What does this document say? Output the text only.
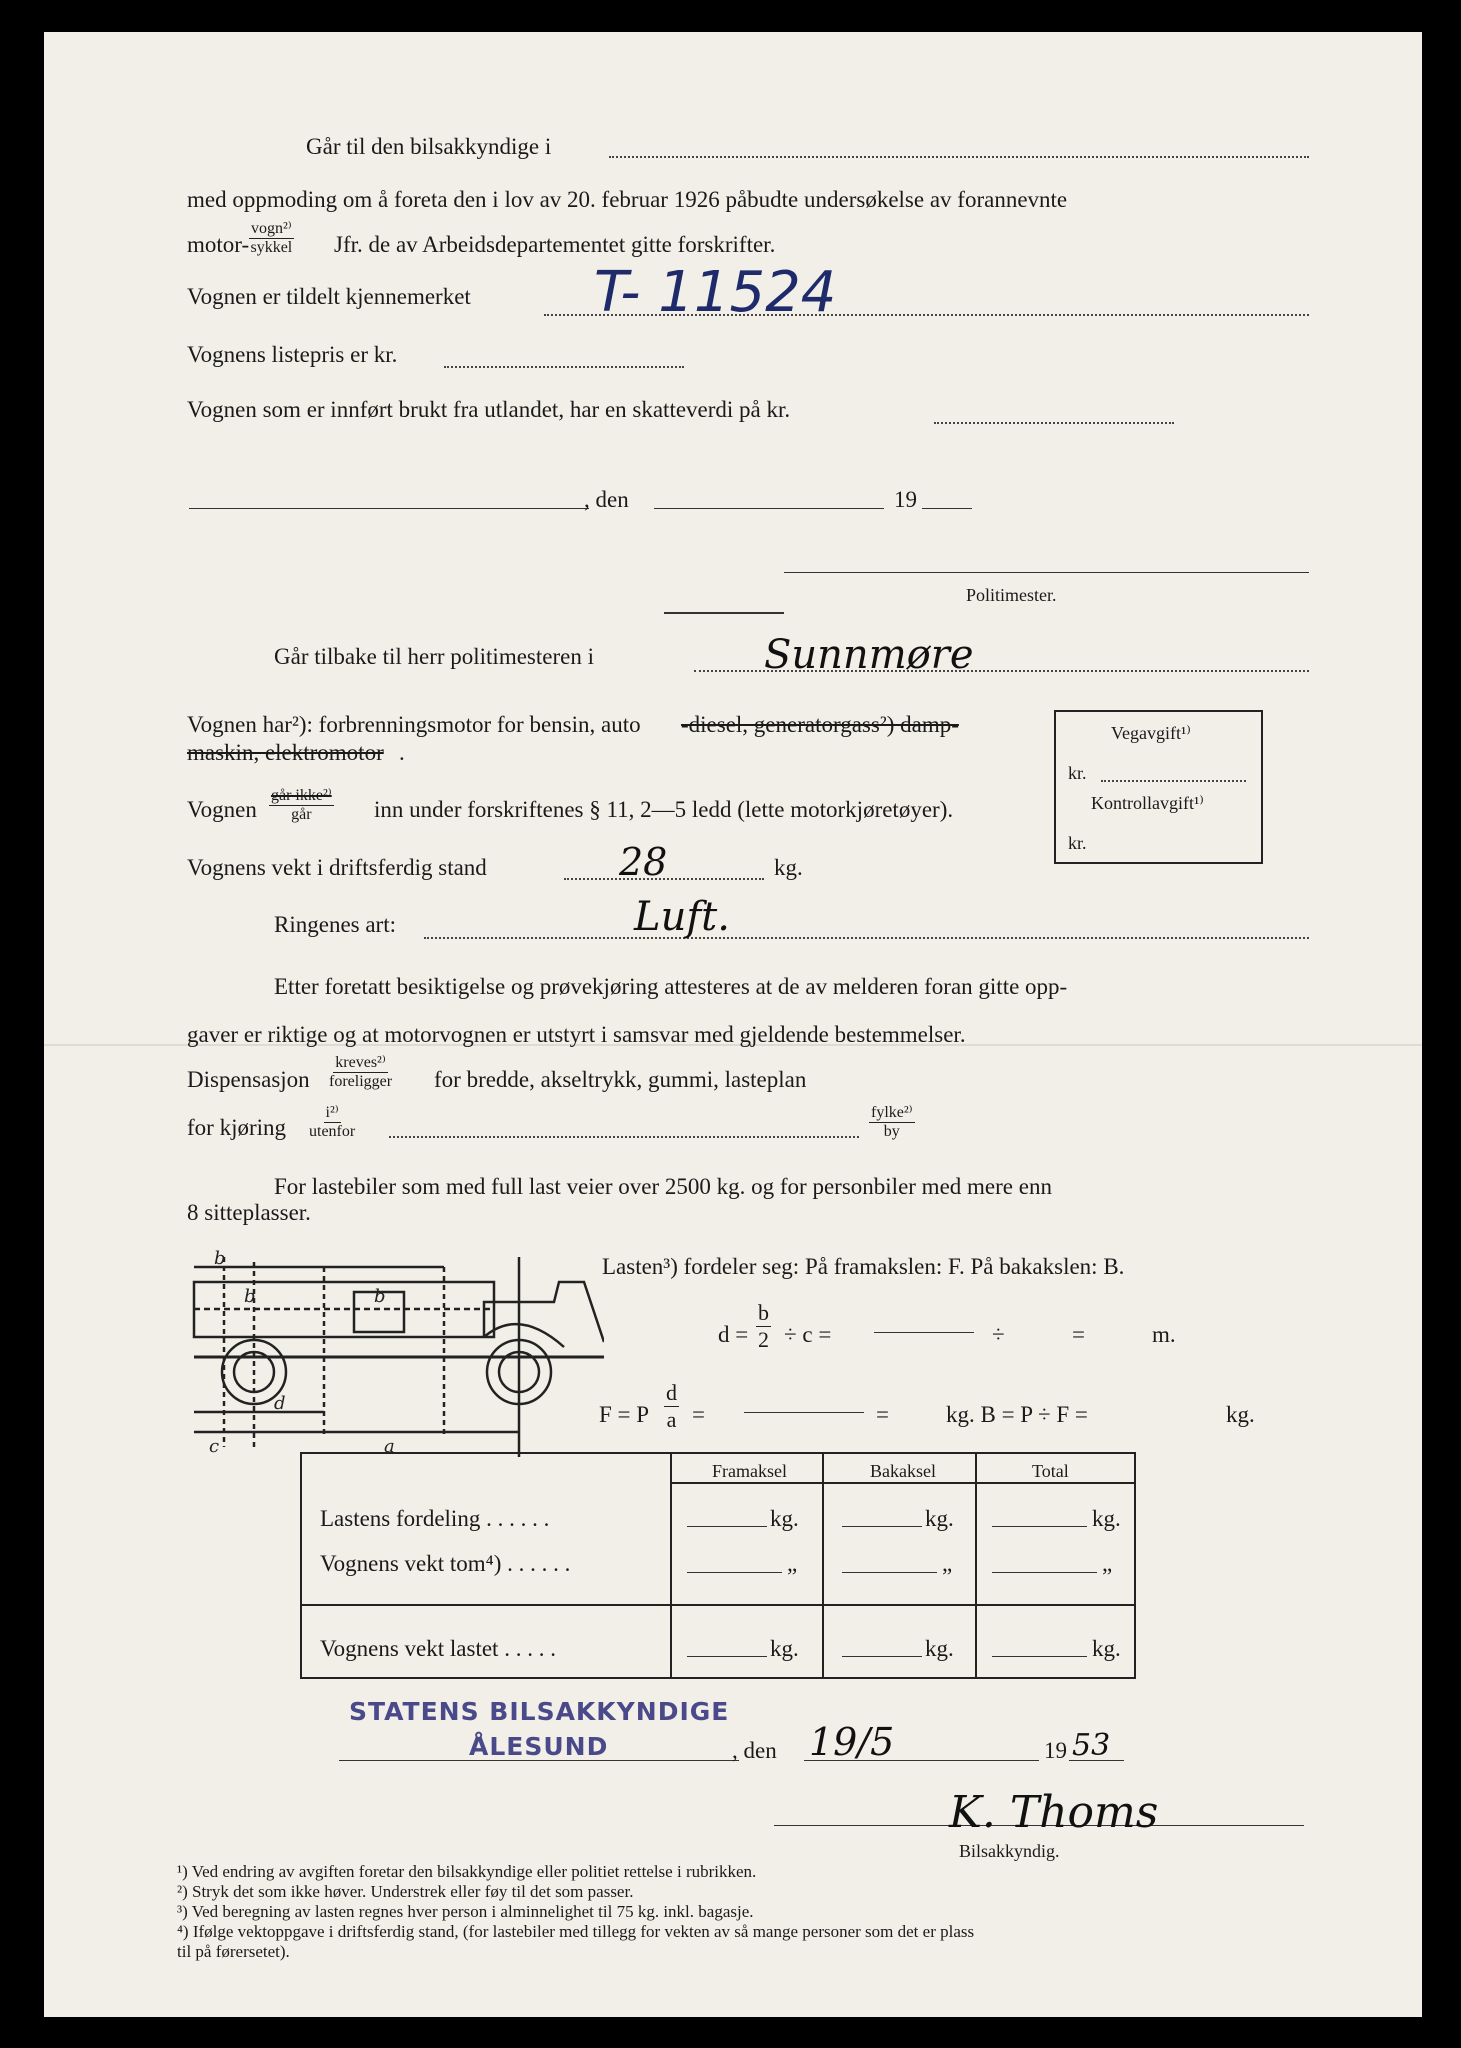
Går til den bilsakkyndige i
med oppmoding om å foreta den i lov av 20. februar 1926 påbudte undersøkelse av forannevnte
motor-
vogn²⁾
sykkel Jfr. de av Arbeidsdepartementet gitte forskrifter.
Vognen er tildelt kjennemerket T- 11524
Vognens listepris er kr.
Vognen som er innført brukt fra utlandet, har en skatteverdi på kr.
, den	19
Politimester.
Går tilbake til herr politimesteren i	Sunnmøre
Vognen har²): forbrenningsmotor for bensin, auto -diesel, generatorgass²) damp-
maskin, elektromotor .
Vognen
går ikke²⁾
går	inn under forskriftenes § 11, 2—5 ledd (lette motorkjøretøyer).
Vognens vekt i driftsferdig stand	28	kg.
Ringenes art:	Luft.
Vegavgift¹⁾
kr.
Kontrollavgift¹⁾
kr.
Etter foretatt besiktigelse og prøvekjøring attesteres at de av melderen foran gitte opp-
gaver er riktige og at motorvognen er utstyrt i samsvar med gjeldende bestemmelser.
Dispensasjon
kreves²⁾
foreligger for bredde, akseltrykk, gummi, lasteplan
for kjøring
i²⁾
utenfor
fylke²⁾
by
For lastebiler som med full last veier over 2500 kg. og for personbiler med mere enn
8 sitteplasser.
b
b	b
d
c	a
Lasten³) fordeler seg: På framakslen: F. På bakakslen: B.
$d = \frac{b}{2} \div c$ =	÷	=	m.
F = P $\frac{d}{a}$ =	= kg. B = P ÷ F =	kg.
Framaksel	Bakaksel	Total
Lastens fordeling . . . . . .	kg.	kg.	kg.
Vognens vekt tom⁴) . . . . . .	„	„	„
Vognens vekt lastet . . . . .	kg.	kg.	kg.
STATENS BILSAKKYNDIGE
ÅLESUND	, den 19/5	19 53
K. Thoms
Bilsakkyndig.
¹) Ved endring av avgiften foretar den bilsakkyndige eller politiet rettelse i rubrikken.
²) Stryk det som ikke høver. Understrek eller føy til det som passer.
³) Ved beregning av lasten regnes hver person i alminnelighet til 75 kg. inkl. bagasje.
⁴) Ifølge vektoppgave i driftsferdig stand, (for lastebiler med tillegg for vekten av så mange personer som det er plass
til på førersetet).
